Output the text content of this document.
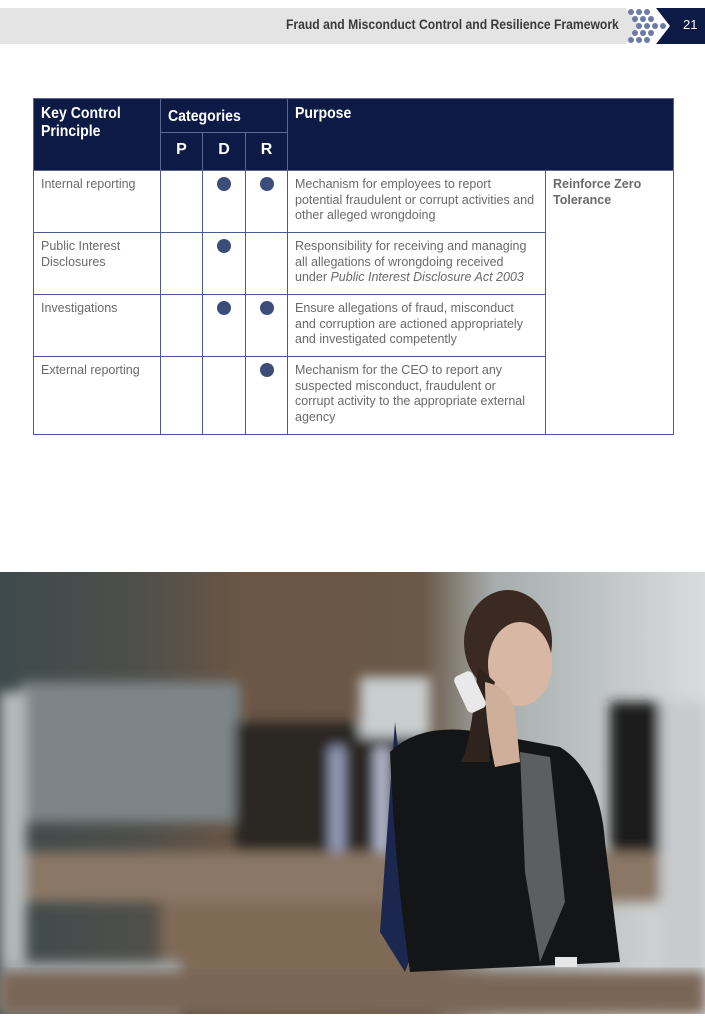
Fraud and Misconduct Control and Resilience Framework	21
Key Control Principle	Categories			Purpose	
	P	D	R		
Internal reporting				Mechanism for employees to report potential fraudulent or corrupt activities and other alleged wrongdoing	Reinforce Zero Tolerance
Public Interest Disclosures				Responsibility for receiving and managing all allegations of wrongdoing received under Public Interest Disclosure Act 2003	
Investigations				Ensure allegations of fraud, misconduct and corruption are actioned appropriately and investigated competently	
External reporting				Mechanism for the CEO to report any suspected misconduct, fraudulent or corrupt activity to the appropriate external agency	
